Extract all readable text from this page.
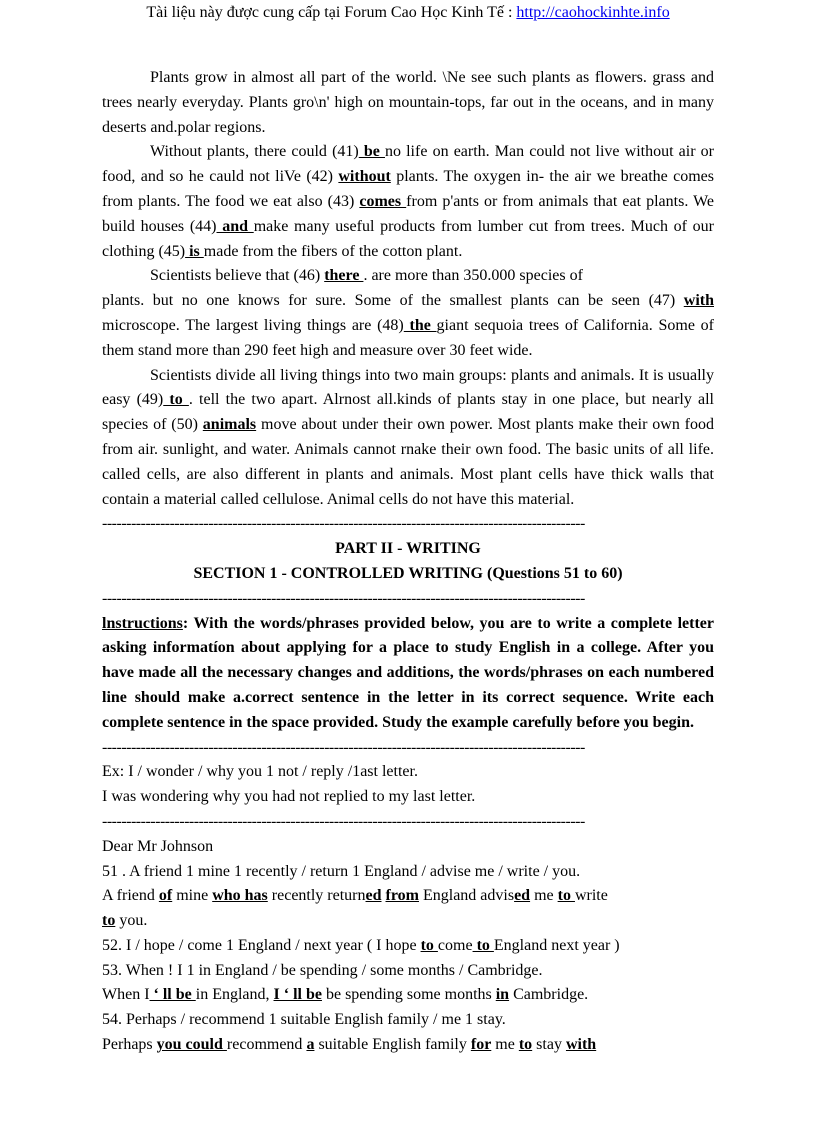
Tài liệu này được cung cấp tại Forum Cao Học Kinh Tế : http://caohockinhte.info

Plants grow in almost all part of the world. \Ne see such plants as flowers. grass and trees nearly everyday. Plants gro\n' high on mountain-tops, far out in the oceans, and in many deserts and.polar regions.

Without plants, there could (41) be no life on earth. Man could not live without air or food, and so he cauld not liVe (42) without plants. The oxygen in- the air we breathe comes from plants. The food we eat also (43) comes from p'ants or from animals that eat plants. We build houses (44) and make many useful products from lumber cut from trees. Much of our clothing (45) is made from the fibers of the cotton plant.

Scientists believe that (46) there . are more than 350.000 species of

plants. but no one knows for sure. Some of the smallest plants can be seen (47) with microscope. The largest living things are (48) the giant sequoia trees of California. Some of them stand more than 290 feet high and measure over 30 feet wide.

Scientists divide all living things into two main groups: plants and animals. It is usually easy (49) to . tell the two apart. Alrnost all.kinds of plants stay in one place, but nearly all species of (50) animals move about under their own power. Most plants make their own food from air. sunlight, and water. Animals cannot rnake their own food. The basic units of all life. called cells, are also different in plants and animals. Most plant cells have thick walls that contain a material called cellulose. Animal cells do not have this material.

----------------------------------------------------------------------------------------------------

PART II - WRITING

SECTION 1 - CONTROLLED WRITING (Questions 51 to 60)

----------------------------------------------------------------------------------------------------

lnstructions: With the words/phrases provided below, you are to write a complete letter asking informatíon about applying for a place to study English in a college. After you have made all the necessary changes and additions, the words/phrases on each numbered line should make a.correct sentence in the letter in its correct sequence. Write each complete sentence in the space provided. Study the example carefully before you begin.

----------------------------------------------------------------------------------------------------

Ex: I / wonder / why you 1 not / reply /1ast letter.

I was wondering why you had not replied to my last letter.

----------------------------------------------------------------------------------------------------

Dear Mr Johnson

51 . A friend 1 mine 1 recently / return 1 England / advise me / write / you.

A friend of mine who has recently returned from England advised me to write
to you.

52. I / hope / come 1 England / next year ( I hope to come to England next year )

53. When ! I 1 in England / be spending / some months / Cambridge.

When I ‘ ll be in England, I ‘ ll be be spending some months in Cambridge.

54. Perhaps / recommend 1 suitable English family / me 1 stay.

Perhaps you could recommend a suitable English family for me to stay with
